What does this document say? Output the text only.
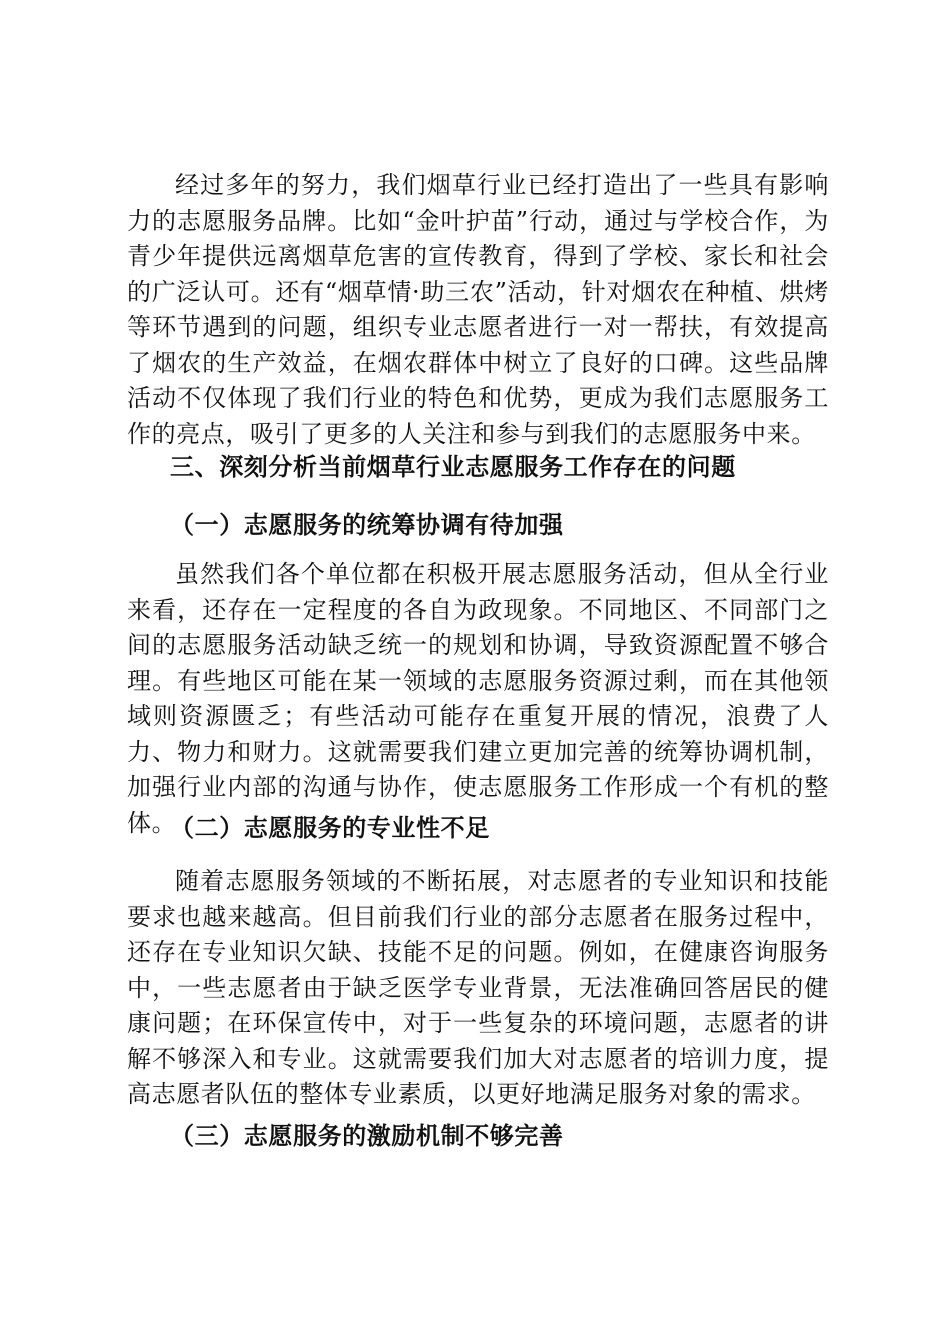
经过多年的努力，我们烟草行业已经打造出了一些具有影响力的志愿服务品牌。比如“金叶护苗”行动，通过与学校合作，为青少年提供远离烟草危害的宣传教育，得到了学校、家长和社会的广泛认可。还有“烟草情·助三农”活动，针对烟农在种植、烘烤等环节遇到的问题，组织专业志愿者进行一对一帮扶，有效提高了烟农的生产效益，在烟农群体中树立了良好的口碑。这些品牌活动不仅体现了我们行业的特色和优势，更成为我们志愿服务工作的亮点，吸引了更多的人关注和参与到我们的志愿服务中来。

三、深刻分析当前烟草行业志愿服务工作存在的问题
（一）志愿服务的统筹协调有待加强

虽然我们各个单位都在积极开展志愿服务活动，但从全行业来看，还存在一定程度的各自为政现象。不同地区、不同部门之间的志愿服务活动缺乏统一的规划和协调，导致资源配置不够合理。有些地区可能在某一领域的志愿服务资源过剩，而在其他领域则资源匮乏；有些活动可能存在重复开展的情况，浪费了人力、物力和财力。这就需要我们建立更加完善的统筹协调机制，加强行业内部的沟通与协作，使志愿服务工作形成一个有机的整体。

（二）志愿服务的专业性不足

随着志愿服务领域的不断拓展，对志愿者的专业知识和技能要求也越来越高。但目前我们行业的部分志愿者在服务过程中，还存在专业知识欠缺、技能不足的问题。例如，在健康咨询服务中，一些志愿者由于缺乏医学专业背景，无法准确回答居民的健康问题；在环保宣传中，对于一些复杂的环境问题，志愿者的讲解不够深入和专业。这就需要我们加大对志愿者的培训力度，提高志愿者队伍的整体专业素质，以更好地满足服务对象的需求。

（三）志愿服务的激励机制不够完善
